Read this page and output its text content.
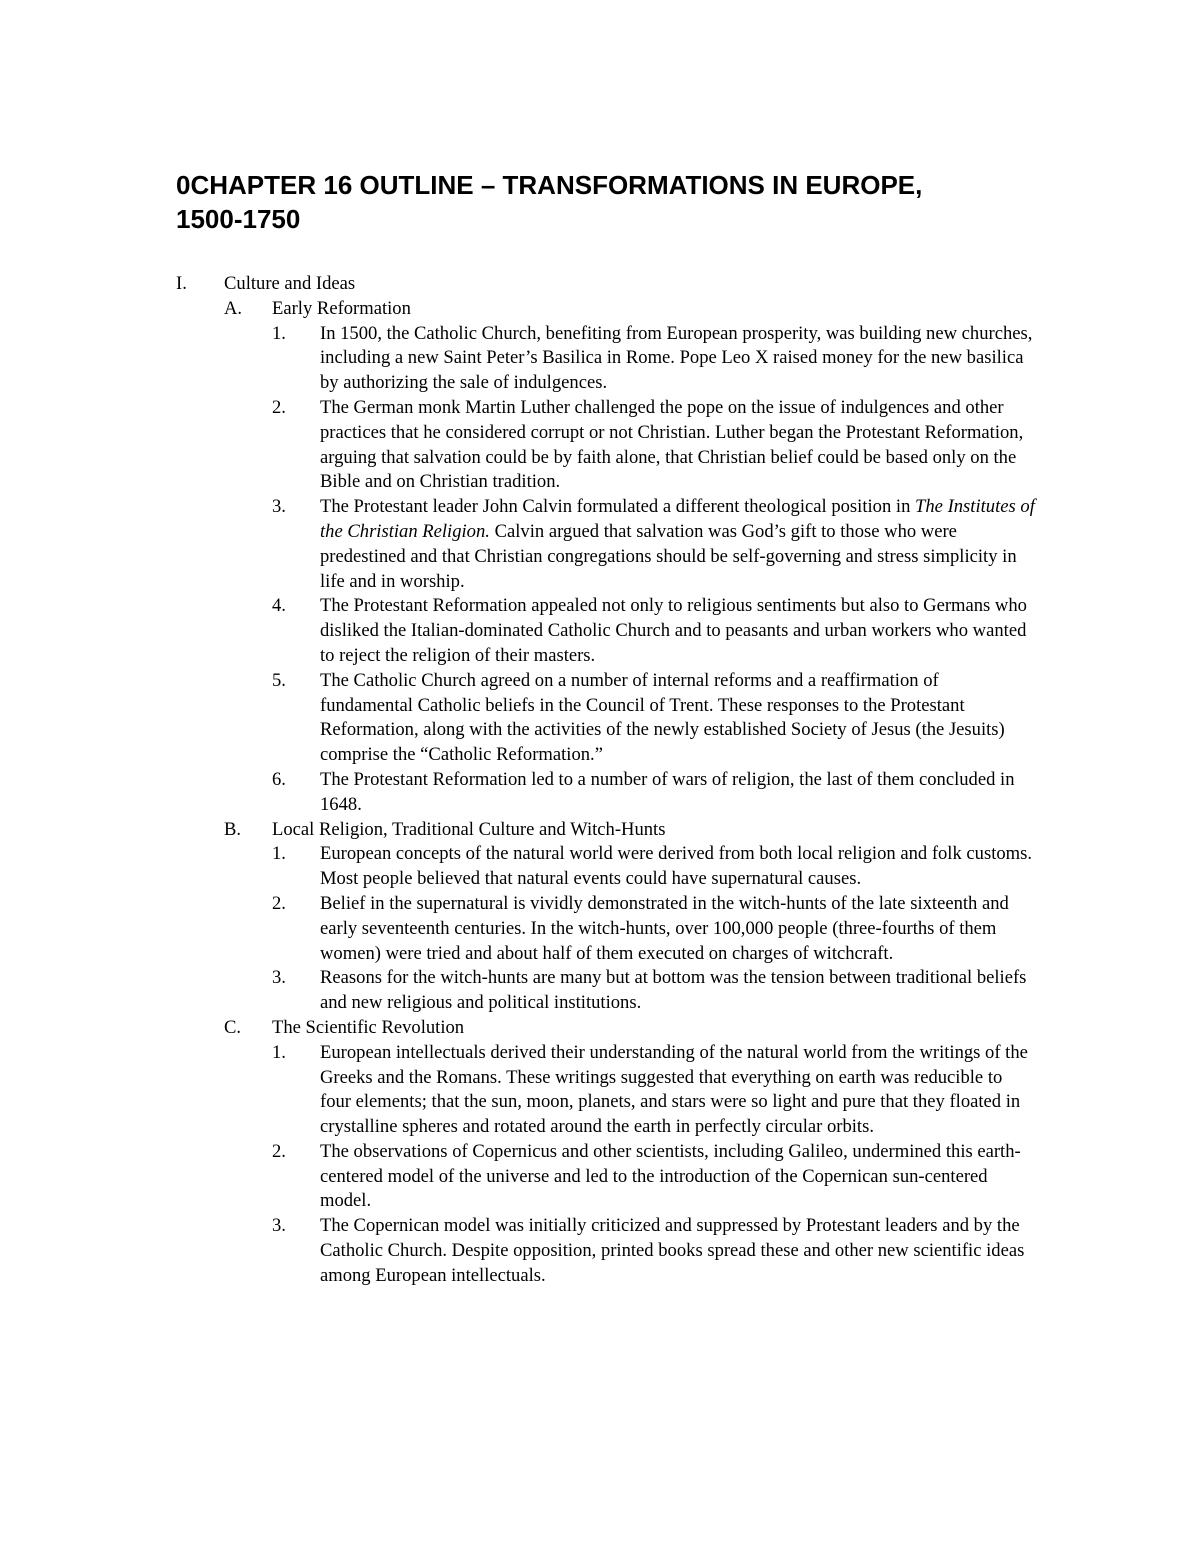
0CHAPTER 16 OUTLINE – TRANSFORMATIONS IN EUROPE,
1500-1750
I. Culture and Ideas
A. Early Reformation
1. In 1500, the Catholic Church, benefiting from European prosperity, was building new churches, including a new Saint Peter’s Basilica in Rome. Pope Leo X raised money for the new basilica by authorizing the sale of indulgences.
2. The German monk Martin Luther challenged the pope on the issue of indulgences and other practices that he considered corrupt or not Christian. Luther began the Protestant Reformation, arguing that salvation could be by faith alone, that Christian belief could be based only on the Bible and on Christian tradition.
3. The Protestant leader John Calvin formulated a different theological position in The Institutes of the Christian Religion. Calvin argued that salvation was God’s gift to those who were predestined and that Christian congregations should be self-governing and stress simplicity in life and in worship.
4. The Protestant Reformation appealed not only to religious sentiments but also to Germans who disliked the Italian-dominated Catholic Church and to peasants and urban workers who wanted to reject the religion of their masters.
5. The Catholic Church agreed on a number of internal reforms and a reaffirmation of fundamental Catholic beliefs in the Council of Trent. These responses to the Protestant Reformation, along with the activities of the newly established Society of Jesus (the Jesuits) comprise the “Catholic Reformation.”
6. The Protestant Reformation led to a number of wars of religion, the last of them concluded in 1648.
B. Local Religion, Traditional Culture and Witch-Hunts
1. European concepts of the natural world were derived from both local religion and folk customs. Most people believed that natural events could have supernatural causes.
2. Belief in the supernatural is vividly demonstrated in the witch-hunts of the late sixteenth and early seventeenth centuries. In the witch-hunts, over 100,000 people (three-fourths of them women) were tried and about half of them executed on charges of witchcraft.
3. Reasons for the witch-hunts are many but at bottom was the tension between traditional beliefs and new religious and political institutions.
C. The Scientific Revolution
1. European intellectuals derived their understanding of the natural world from the writings of the Greeks and the Romans. These writings suggested that everything on earth was reducible to four elements; that the sun, moon, planets, and stars were so light and pure that they floated in crystalline spheres and rotated around the earth in perfectly circular orbits.
2. The observations of Copernicus and other scientists, including Galileo, undermined this earth-centered model of the universe and led to the introduction of the Copernican sun-centered model.
3. The Copernican model was initially criticized and suppressed by Protestant leaders and by the Catholic Church. Despite opposition, printed books spread these and other new scientific ideas among European intellectuals.
